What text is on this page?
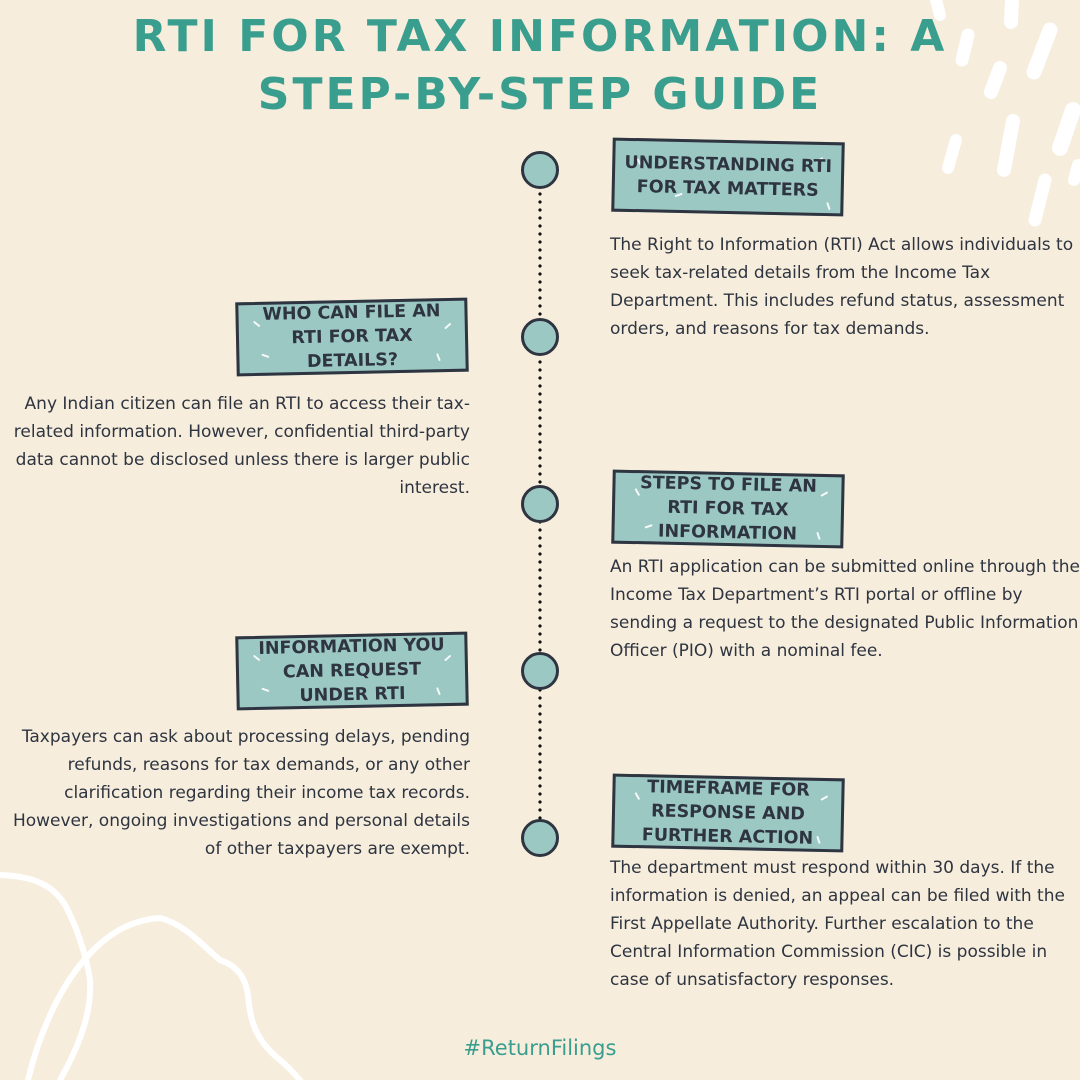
RTI FOR TAX INFORMATION: A
STEP-BY-STEP GUIDE
UNDERSTANDING RTI FOR TAX MATTERS
The Right to Information (RTI) Act allows individuals to seek tax-related details from the Income Tax Department. This includes refund status, assessment orders, and reasons for tax demands.
WHO CAN FILE AN RTI FOR TAX DETAILS?
Any Indian citizen can file an RTI to access their tax-related information. However, confidential third-party data cannot be disclosed unless there is larger public interest.	STEPS TO FILE AN RTI FOR TAX INFORMATION
An RTI application can be submitted online through the Income Tax Department’s RTI portal or offline by sending a request to the designated Public Information Officer (PIO) with a nominal fee.
INFORMATION YOU CAN REQUEST UNDER RTI
Taxpayers can ask about processing delays, pending refunds, reasons for tax demands, or any other clarification regarding their income tax records. However, ongoing investigations and personal details of other taxpayers are exempt.
TIMEFRAME FOR RESPONSE AND FURTHER ACTION
The department must respond within 30 days. If the information is denied, an appeal can be filed with the First Appellate Authority. Further escalation to the Central Information Commission (CIC) is possible in case of unsatisfactory responses.
#ReturnFilings
